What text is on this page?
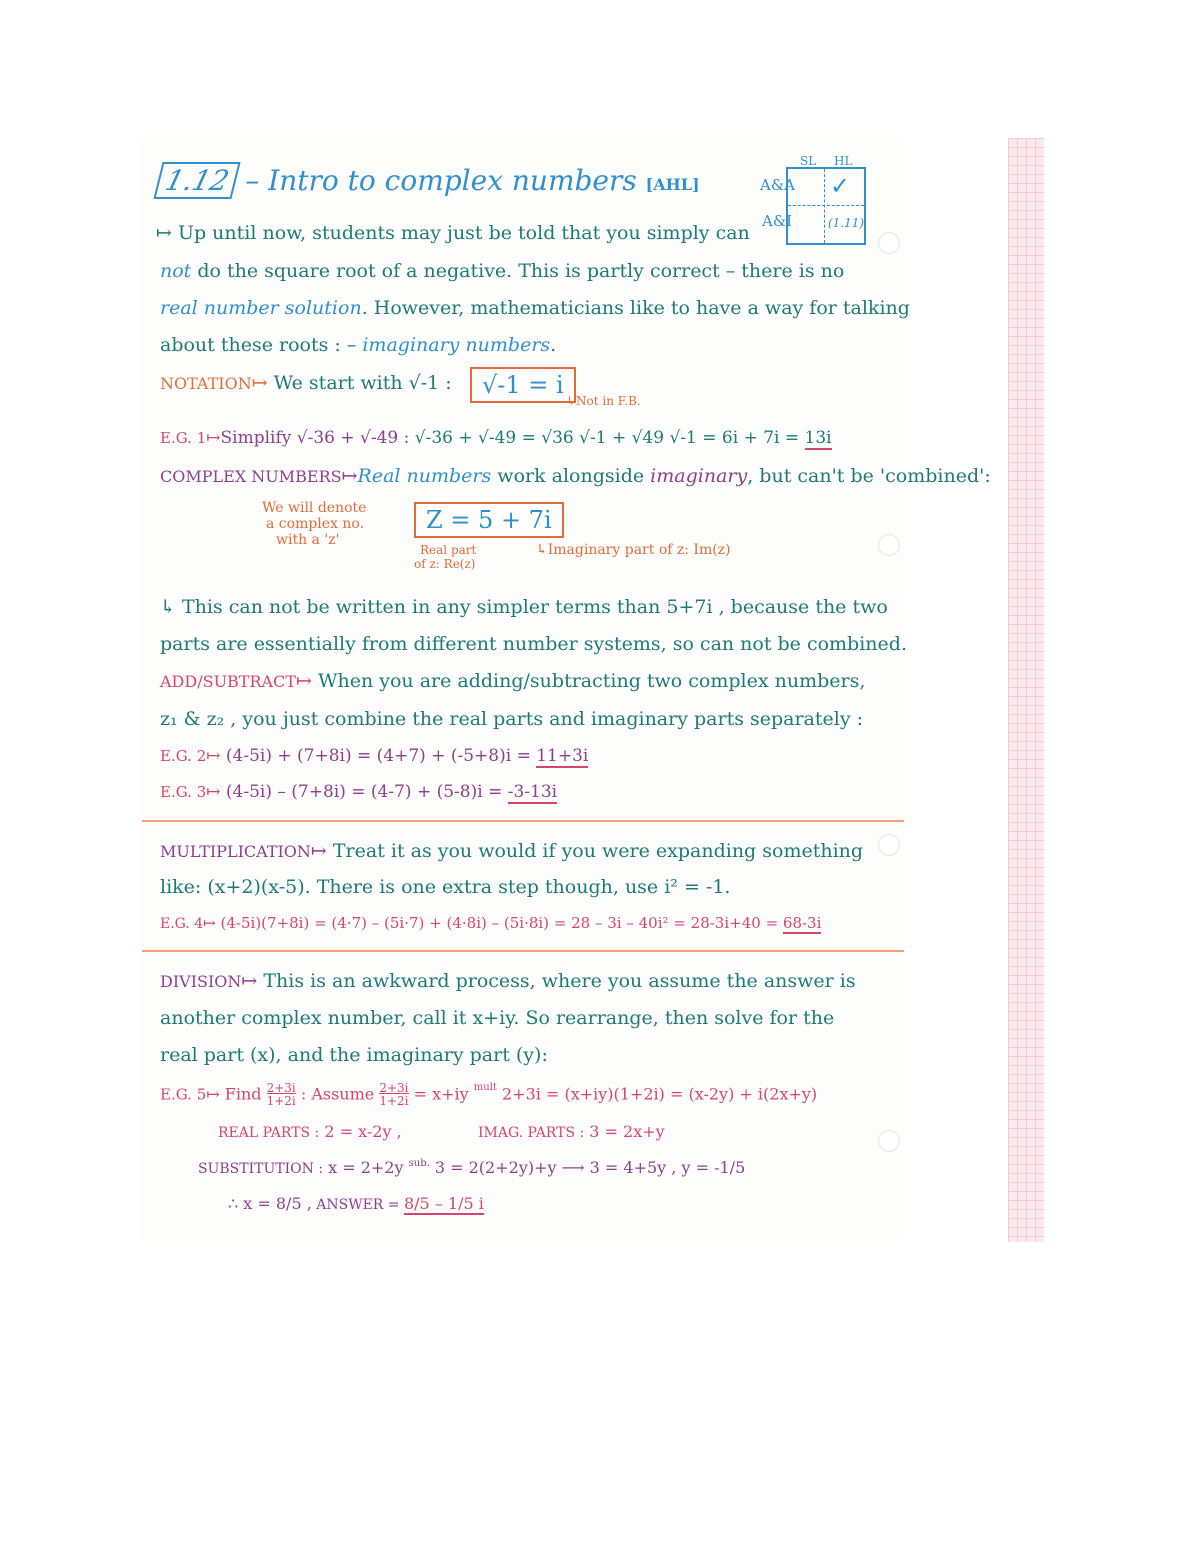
1.12 – Intro to complex numbers [AHL]
SL HL
A&A
A&I
✓
(1.11)
↦ Up until now, students may just be told that you simply can
not do the square root of a negative. This is partly correct – there is no
real number solution. However, mathematicians like to have a way for talking
about these roots : – imaginary numbers.
NOTATION↦ We start with √-1 :	√-1 = i
↳Not in F.B.
E.G. 1↦Simplify √-36 + √-49 : √-36 + √-49 = √36 √-1 + √49 √-1 = 6i + 7i = 13i
COMPLEX NUMBERS↦Real numbers work alongside imaginary, but can't be 'combined':
We will denote
a complex no.
with a 'z'
Z = 5 + 7i
Real part
of z: Re(z)
↳Imaginary part of z: Im(z)
↳ This can not be written in any simpler terms than 5+7i , because the two
parts are essentially from different number systems, so can not be combined.
ADD/SUBTRACT↦ When you are adding/subtracting two complex numbers,
z₁ & z₂ , you just combine the real parts and imaginary parts separately :
E.G. 2↦ (4-5i) + (7+8i) = (4+7) + (-5+8)i = 11+3i
E.G. 3↦ (4-5i) – (7+8i) = (4-7) + (5-8)i = -3-13i
MULTIPLICATION↦ Treat it as you would if you were expanding something
like: (x+2)(x-5). There is one extra step though, use i² = -1.
E.G. 4↦ (4-5i)(7+8i) = (4·7) – (5i·7) + (4·8i) – (5i·8i) = 28 – 3i – 40i² = 28-3i+40 = 68-3i
DIVISION↦ This is an awkward process, where you assume the answer is
another complex number, call it x+iy. So rearrange, then solve for the
real part (x), and the imaginary part (y):
E.G. 5↦ Find $\frac{2+3i}{1+2i}$ : Assume $\frac{2+3i}{1+2i} = x+iy$ $^{mult}$ 2+3i = (x+iy)(1+2i) = (x-2y) + i(2x+y)
REAL PARTS : 2 = x-2y ,	IMAG. PARTS : 3 = 2x+y
SUBSTITUTION : x = 2+2y $^{sub.}$ 3 = 2(2+2y)+y ⟶ 3 = 4+5y , y = -1/5
∴ x = 8/5 , ANSWER = 8/5 – 1/5 i
